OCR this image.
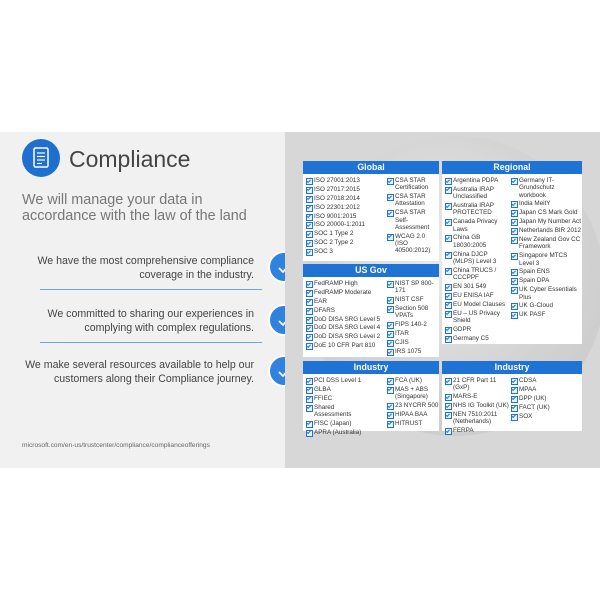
Compliance
We will manage your data in accordance with the law of the land
We have the most comprehensive compliance coverage in the industry.
We committed to sharing our experiences in complying with complex regulations.
We make several resources available to help our customers along their Compliance journey.
microsoft.com/en-us/trustcenter/compliance/complianceofferings
Global
ISO 27001:2013
ISO 27017:2015
ISO 27018:2014
ISO 22301:2012
ISO 9001:2015
ISO 20000-1:2011
SOC 1 Type 2
SOC 2 Type 2
SOC 3
CSA STAR Certification
CSA STAR Attestation
CSA STAR Self-Assessment
WCAG 2.0 (ISO 40500:2012)
Regional
Argentina PDPA
Australia IRAP Unclassified
Australia IRAP PROTECTED
Canada Privacy Laws
China GB 18030:2005
China DJCP (MLPS) Level 3
China TRUCS / CCCPPF
EN 301 549
EU ENISA IAF
EU Model Clauses
EU – US Privacy Shield
GDPR
Germany C5
Germany IT-Grundschutz workbook
India MeitY
Japan CS Mark Gold
Japan My Number Act
Netherlands BIR 2012
New Zealand Gov CC Framework
Singapore MTCS Level 3
Spain ENS
Spain DPA
UK Cyber Essentials Plus
UK G-Cloud
UK PASF
US Gov
FedRAMP High
FedRAMP Moderate
EAR
DFARS
DoD DISA SRG Level 5
DoD DISA SRG Level 4
DoD DISA SRG Level 2
DoE 10 CFR Part 810
NIST SP 800-171
NIST CSF
Section 508 VPATs
FIPS 140-2
ITAR
CJIS
IRS 1075
Industry
PCI DSS Level 1
GLBA
FFIEC
Shared Assessments
FISC (Japan)
APRA (Australia)
FCA (UK)
MAS + ABS (Singapore)
23 NYCRR 500
HIPAA BAA
HITRUST
Industry
21 CFR Part 11 (GxP)
MARS-E
NHS IG Toolkit (UK)
NEN 7510:2011 (Netherlands)
FERPA
CDSA
MPAA
DPP (UK)
FACT (UK)
SOX
